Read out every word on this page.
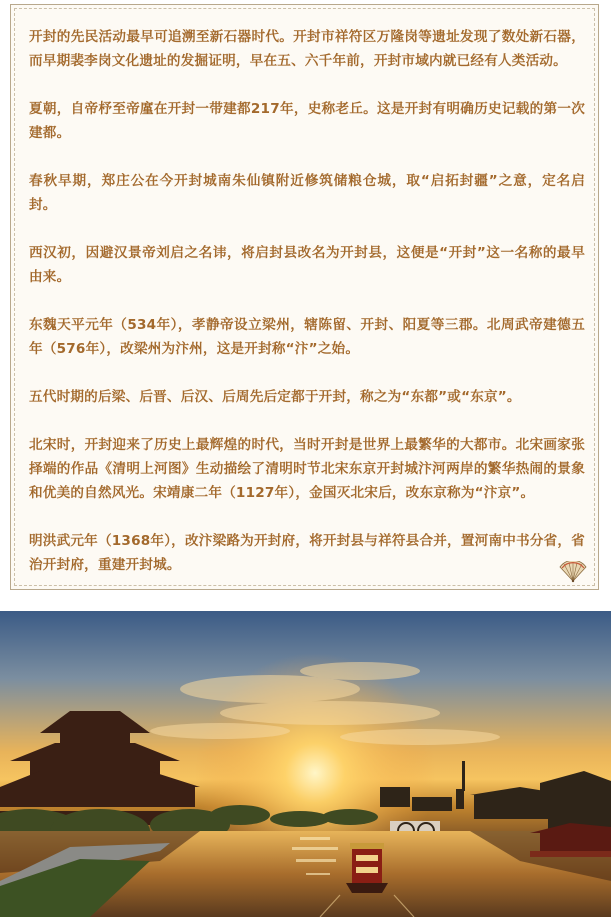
开封的先民活动最早可追溯至新石器时代。开封市祥符区万隆岗等遗址发现了数处新石器，而早期裴李岗文化遗址的发掘证明，早在五、六千年前，开封市域内就已经有人类活动。

夏朝，自帝杼至帝廑在开封一带建都217年，史称老丘。这是开封有明确历史记载的第一次建都。

春秋早期，郑庄公在今开封城南朱仙镇附近修筑储粮仓城，取“启拓封疆”之意，定名启封。

西汉初，因避汉景帝刘启之名讳，将启封县改名为开封县，这便是“开封”这一名称的最早由来。

东魏天平元年（534年），孝静帝设立梁州，辖陈留、开封、阳夏等三郡。北周武帝建德五年（576年），改梁州为汴州，这是开封称“汴”之始。

五代时期的后梁、后晋、后汉、后周先后定都于开封，称之为“东都”或“东京”。

北宋时，开封迎来了历史上最辉煌的时代，当时开封是世界上最繁华的大都市。北宋画家张择端的作品《清明上河图》生动描绘了清明时节北宋东京开封城汴河两岸的繁华热闹的景象和优美的自然风光。宋靖康二年（1127年），金国灭北宋后，改东京称为“汴京”。

明洪武元年（1368年），改汴梁路为开封府，将开封县与祥符县合并，置河南中书分省，省治开封府，重建开封城。
